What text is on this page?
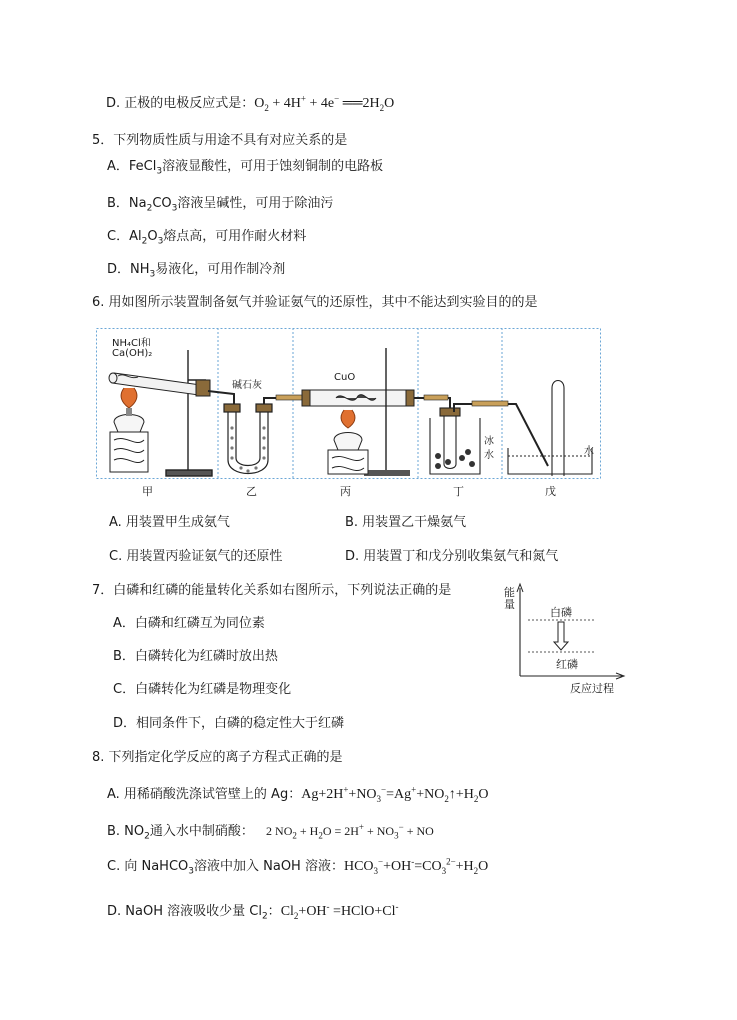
D. 正极的电极反应式是：$O_2 + 4H^+ + 4e^-$ $══2H_2O$
5．下列物质性质与用途不具有对应关系的是
A．FeCl$_3$溶液显酸性，可用于蚀刻铜制的电路板
B．$Na_2CO_3$溶液呈碱性，可用于除油污
C．$Al_2O_3$熔点高，可用作耐火材料
D．$NH_3$易液化，可用作制冷剂
6. 用如图所示装置制备氨气并验证氨气的还原性，其中不能达到实验目的的是
NH₄Cl和
Ca(OH)₂
碱石灰
CuO
冰
水	水
甲	乙	丙	丁	戊
A. 用装置甲生成氨气	B. 用装置乙干燥氨气
C. 用装置丙验证氨气的还原性	D. 用装置丁和戊分别收集氨气和氮气
7．白磷和红磷的能量转化关系如右图所示，下列说法正确的是
A．白磷和红磷互为同位素
B．白磷转化为红磷时放出热
C．白磷转化为红磷是物理变化
D．相同条件下，白磷的稳定性大于红磷
能
量
白磷
红磷
反应过程
8. 下列指定化学反应的离子方程式正确的是
A. 用稀硝酸洗涤试管壁上的 Ag：$Ag+2H^++NO_3^-=Ag^++NO_2↑+H_2O$
B. $NO_2$通入水中制硝酸： 2 $NO_2 + H_2O = 2H^+ + NO_3^-$ + NO
C. 向 NaHCO$_3$溶液中加入 NaOH 溶液：$HCO_3^-+OH^-=CO_3^{2-}+H_2O$
D. NaOH 溶液吸收少量 $Cl_2$：$Cl_2+OH^-$ =HClO+Cl-
